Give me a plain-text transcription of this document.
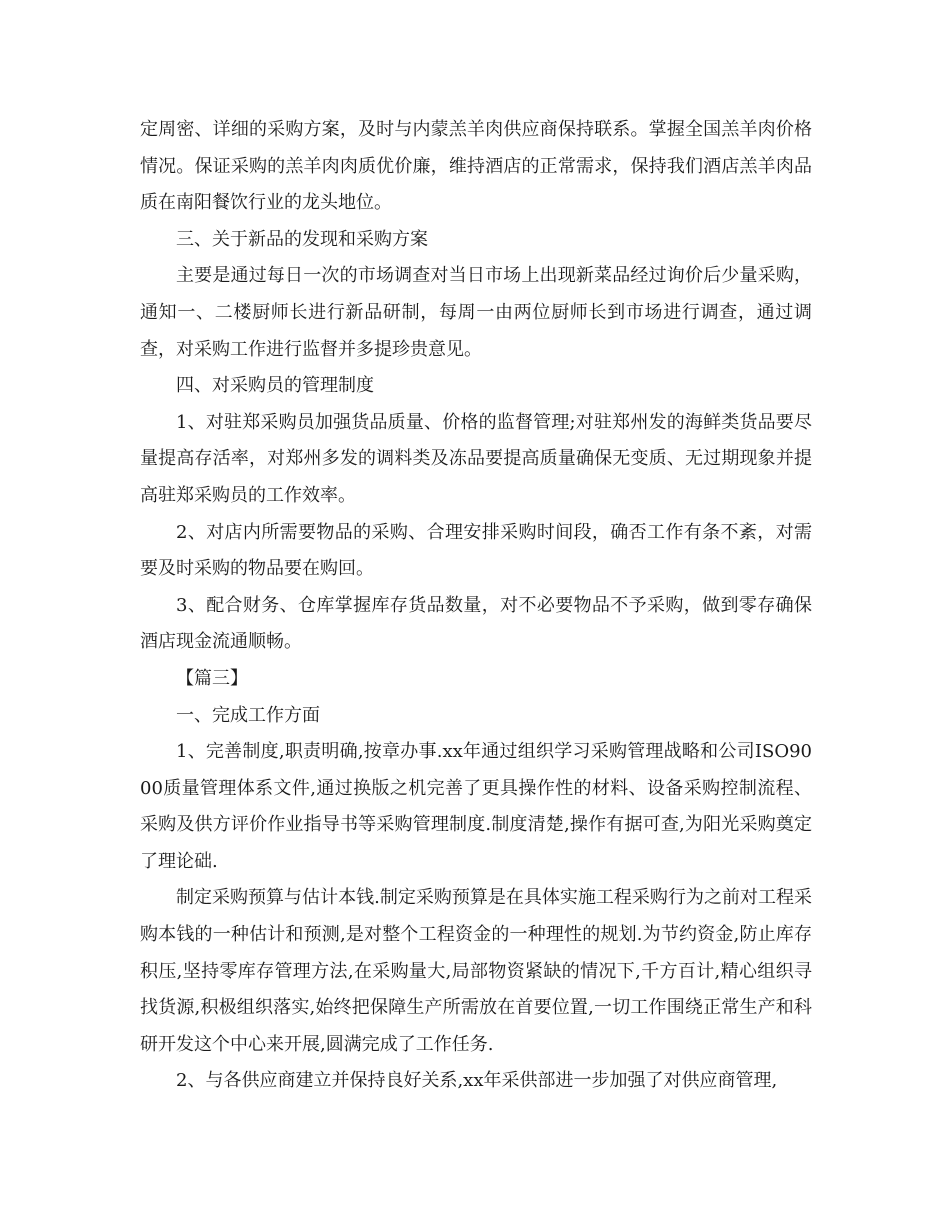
定周密、详细的采购方案，及时与内蒙羔羊肉供应商保持联系。掌握全国羔羊肉价格情况。保证采购的羔羊肉肉质优价廉，维持酒店的正常需求，保持我们酒店羔羊肉品质在南阳餐饮行业的龙头地位。

三、关于新品的发现和采购方案

主要是通过每日一次的市场调查对当日市场上出现新菜品经过询价后少量采购，通知一、二楼厨师长进行新品研制，每周一由两位厨师长到市场进行调查，通过调查，对采购工作进行监督并多提珍贵意见。

四、对采购员的管理制度

1、对驻郑采购员加强货品质量、价格的监督管理;对驻郑州发的海鲜类货品要尽量提高存活率，对郑州多发的调料类及冻品要提高质量确保无变质、无过期现象并提高驻郑采购员的工作效率。

2、对店内所需要物品的采购、合理安排采购时间段，确否工作有条不紊，对需要及时采购的物品要在购回。

3、配合财务、仓库掌握库存货品数量，对不必要物品不予采购，做到零存确保酒店现金流通顺畅。

【篇三】

一、完成工作方面

1、完善制度,职责明确,按章办事.xx年通过组织学习采购管理战略和公司ISO9000质量管理体系文件,通过换版之机完善了更具操作性的材料、设备采购控制流程、采购及供方评价作业指导书等采购管理制度.制度清楚,操作有据可查,为阳光采购奠定了理论础.

制定采购预算与估计本钱.制定采购预算是在具体实施工程采购行为之前对工程采购本钱的一种估计和预测,是对整个工程资金的一种理性的规划.为节约资金,防止库存积压,坚持零库存管理方法,在采购量大,局部物资紧缺的情况下,千方百计,精心组织寻找货源,积极组织落实,始终把保障生产所需放在首要位置,一切工作围绕正常生产和科研开发这个中心来开展,圆满完成了工作任务.

2、与各供应商建立并保持良好关系,xx年采供部进一步加强了对供应商管理,
